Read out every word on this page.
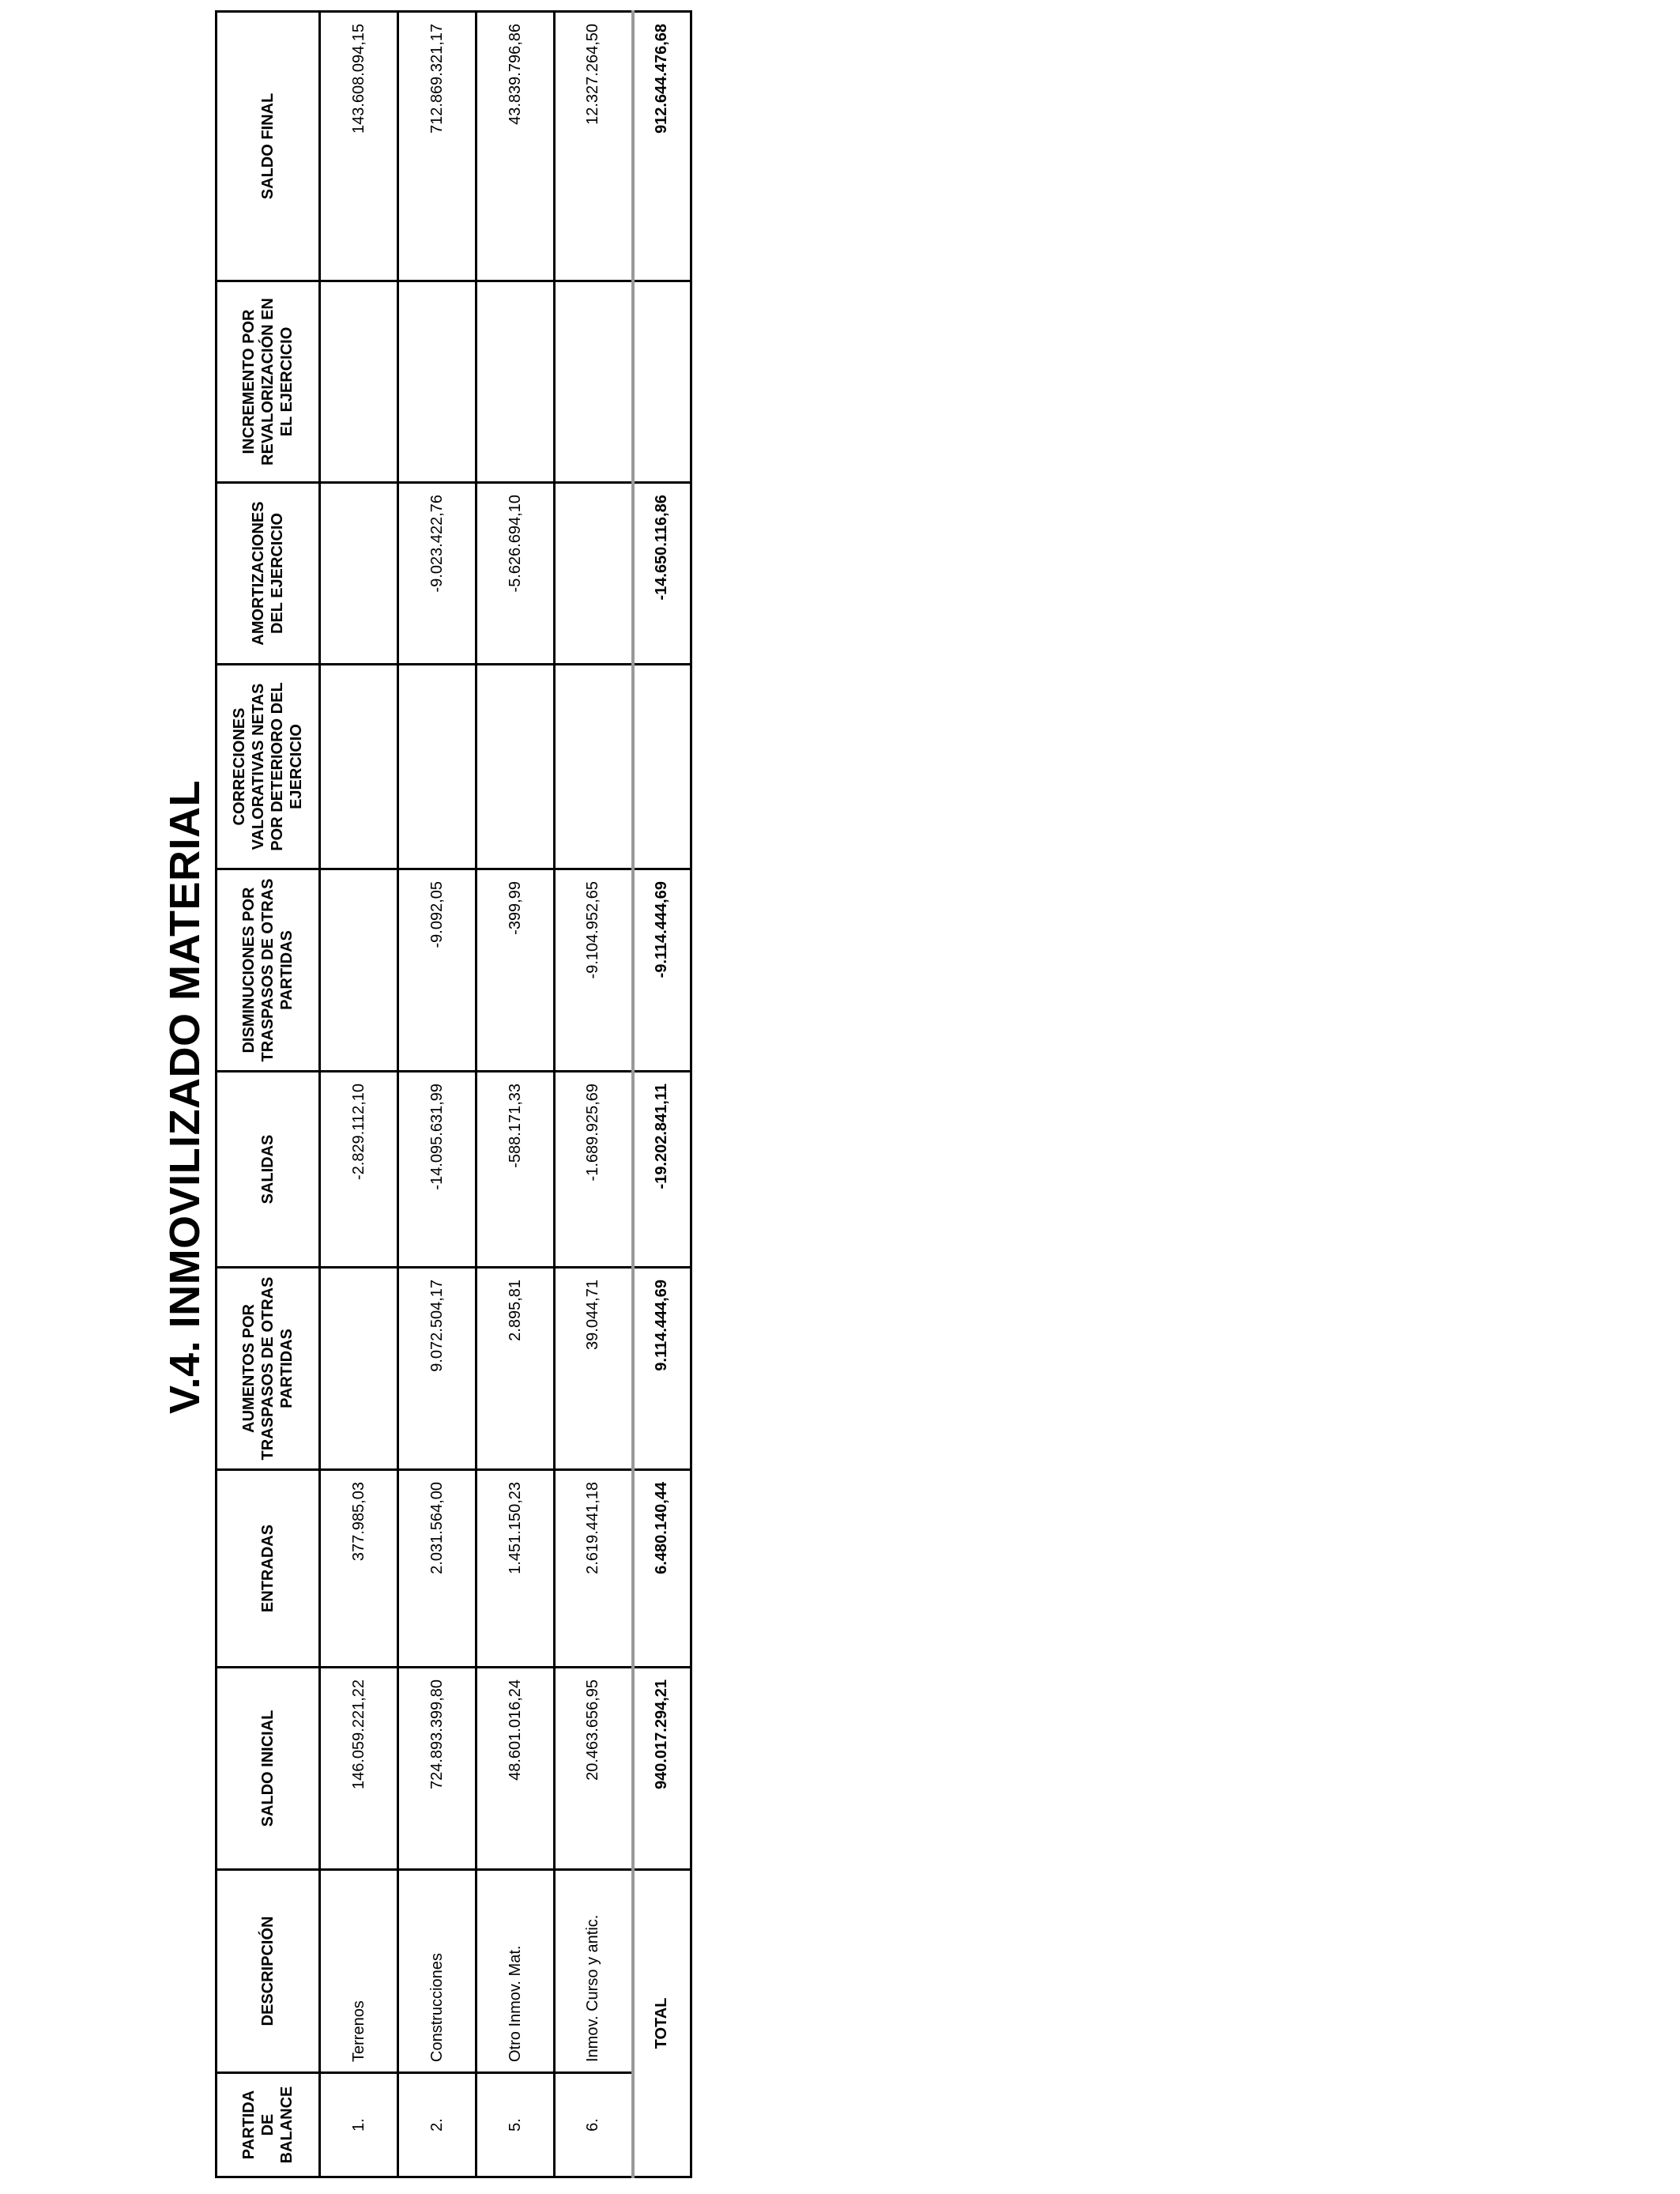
V.4. INMOVILIZADO MATERIAL
PARTIDA DE BALANCE	DESCRIPCIÓN	SALDO INICIAL	ENTRADAS	AUMENTOS POR TRASPASOS DE OTRAS PARTIDAS	SALIDAS	DISMINUCIONES POR TRASPASOS DE OTRAS PARTIDAS	CORRECIONES VALORATIVAS NETAS POR DETERIORO DEL EJERCICIO	AMORTIZACIONES DEL EJERCICIO	INCREMENTO POR REVALORIZACIÓN EN EL EJERCICIO	SALDO FINAL
1.	Terrenos	146.059.221,22	377.985,03		-2.829.112,10					143.608.094,15
2.	Construcciones	724.893.399,80	2.031.564,00	9.072.504,17	-14.095.631,99	-9.092,05		-9.023.422,76		712.869.321,17
5.	Otro Inmov. Mat.	48.601.016,24	1.451.150,23	2.895,81	-588.171,33	-399,99		-5.626.694,10		43.839.796,86
6.	Inmov. Curso y antic.	20.463.656,95	2.619.441,18	39.044,71	-1.689.925,69	-9.104.952,65				12.327.264,50
TOTAL		940.017.294,21	6.480.140,44	9.114.444,69	-19.202.841,11	-9.114.444,69		-14.650.116,86		912.644.476,68
